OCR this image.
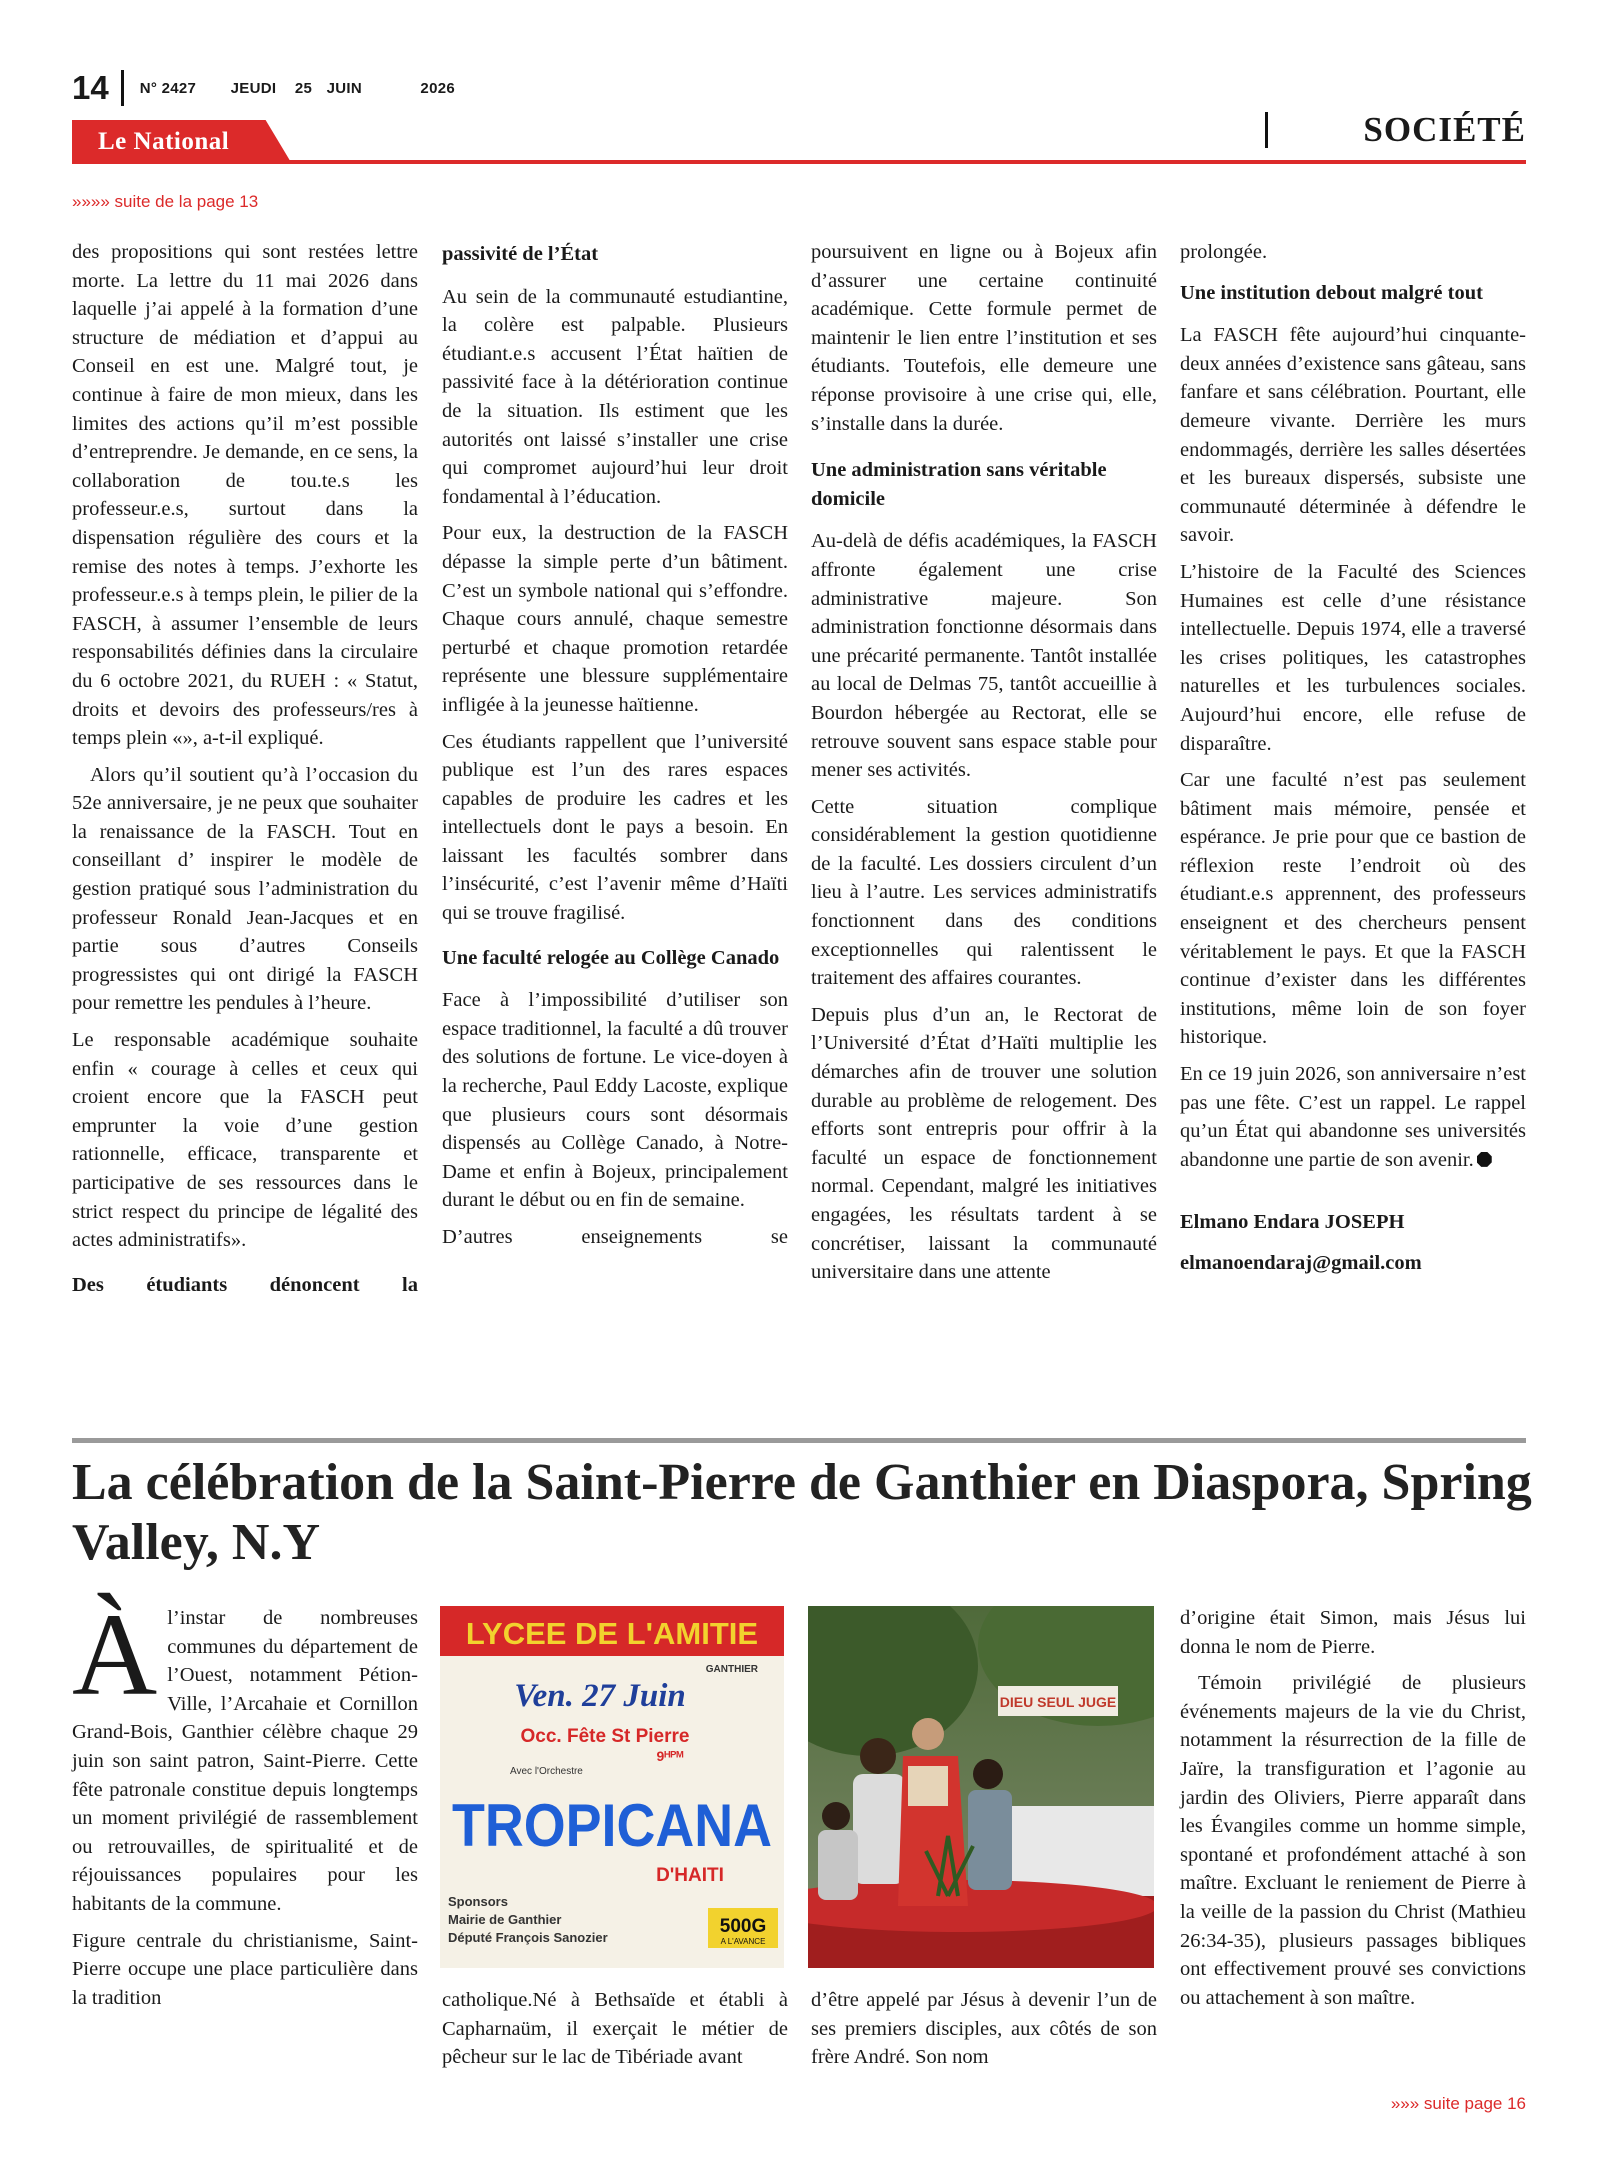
14 N° 2427 JEUDI 25 JUIN	2026
Le National	SOCIÉTÉ
»»»» suite de la page 13

des propositions qui sont restées lettre morte. La lettre du 11 mai 2026 dans laquelle j’ai appelé à la formation d’une structure de médiation et d’appui au Conseil en est une. Malgré tout, je continue à faire de mon mieux, dans les limites des actions qu’il m’est possible d’entreprendre. Je demande, en ce sens, la collaboration de tou.te.s les professeur.e.s, surtout dans la dispensation régulière des cours et la remise des notes à temps. J’exhorte les professeur.e.s à temps plein, le pilier de la FASCH, à assumer l’ensemble de leurs responsabilités définies dans la circulaire du 6 octobre 2021, du RUEH : « Statut, droits et devoirs des professeurs/res à temps plein «», a-t-il expliqué.

Alors qu’il soutient qu’à l’occasion du 52e anniversaire, je ne peux que souhaiter la renaissance de la FASCH. Tout en conseillant d’ inspirer le modèle de gestion pratiqué sous l’administration du professeur Ronald Jean-Jacques et en partie sous d’autres Conseils progressistes qui ont dirigé la FASCH pour remettre les pendules à l’heure.

Le responsable académique souhaite enfin « courage à celles et ceux qui croient encore que la FASCH peut emprunter la voie d’une gestion rationnelle, efficace, transparente et participative de ses ressources dans le strict respect du principe de légalité des actes administratifs».

Des étudiants dénoncent la
passivité de l’État

Au sein de la communauté estudiantine, la colère est palpable. Plusieurs étudiant.e.s accusent l’État haïtien de passivité face à la détérioration continue de la situation. Ils estiment que les autorités ont laissé s’installer une crise qui compromet aujourd’hui leur droit fondamental à l’éducation.

Pour eux, la destruction de la FASCH dépasse la simple perte d’un bâtiment. C’est un symbole national qui s’effondre. Chaque cours annulé, chaque semestre perturbé et chaque promotion retardée représente une blessure supplémentaire infligée à la jeunesse haïtienne.

Ces étudiants rappellent que l’université publique est l’un des rares espaces capables de produire les cadres et les intellectuels dont le pays a besoin. En laissant les facultés sombrer dans l’insécurité, c’est l’avenir même d’Haïti qui se trouve fragilisé.

Une faculté relogée au Collège Canado

Face à l’impossibilité d’utiliser son espace traditionnel, la faculté a dû trouver des solutions de fortune. Le vice-doyen à la recherche, Paul Eddy Lacoste, explique que plusieurs cours sont désormais dispensés au Collège Canado, à Notre-Dame et enfin à Bojeux, principalement durant le début ou en fin de semaine.

D’autres enseignements se

poursuivent en ligne ou à Bojeux afin d’assurer une certaine continuité académique. Cette formule permet de maintenir le lien entre l’institution et ses étudiants. Toutefois, elle demeure une réponse provisoire à une crise qui, elle, s’installe dans la durée.

Une administration sans véritable domicile

Au-delà de défis académiques, la FASCH affronte également une crise administrative majeure. Son administration fonctionne désormais dans une précarité permanente. Tantôt installée au local de Delmas 75, tantôt accueillie à Bourdon hébergée au Rectorat, elle se retrouve souvent sans espace stable pour mener ses activités.

Cette situation complique considérablement la gestion quotidienne de la faculté. Les dossiers circulent d’un lieu à l’autre. Les services administratifs fonctionnent dans des conditions exceptionnelles qui ralentissent le traitement des affaires courantes.

Depuis plus d’un an, le Rectorat de l’Université d’État d’Haïti multiplie les démarches afin de trouver une solution durable au problème de relogement. Des efforts sont entrepris pour offrir à la faculté un espace de fonctionnement normal. Cependant, malgré les initiatives engagées, les résultats tardent à se concrétiser, laissant la communauté universitaire dans une attente

prolongée.

Une institution debout malgré tout

La FASCH fête aujourd’hui cinquante-deux années d’existence sans gâteau, sans fanfare et sans célébration. Pourtant, elle demeure vivante. Derrière les murs endommagés, derrière les salles désertées et les bureaux dispersés, subsiste une communauté déterminée à défendre le savoir.

L’histoire de la Faculté des Sciences Humaines est celle d’une résistance intellectuelle. Depuis 1974, elle a traversé les crises politiques, les catastrophes naturelles et les turbulences sociales. Aujourd’hui encore, elle refuse de disparaître.

Car une faculté n’est pas seulement bâtiment mais mémoire, pensée et espérance. Je prie pour que ce bastion de réflexion reste l’endroit où des étudiant.e.s apprennent, des professeurs enseignent et des chercheurs pensent véritablement le pays. Et que la FASCH continue d’exister dans les différentes institutions, même loin de son foyer historique.

En ce 19 juin 2026, son anniversaire n’est pas une fête. C’est un rappel. Le rappel qu’un État qui abandonne ses universités abandonne une partie de son avenir.

Elmano Endara JOSEPH

elmanoendaraj@gmail.com

La célébration de la Saint-Pierre de Ganthier en Diaspora, Spring Valley, N.Y

Àl’instar de nombreuses communes du département de l’Ouest, notamment Pétion-Ville, l’Arcahaie et Cornillon Grand-Bois, Ganthier célèbre chaque 29 juin son saint patron, Saint-Pierre. Cette fête patronale constitue depuis longtemps un moment privilégié de rassemblement ou retrouvailles, de spiritualité et de réjouissances populaires pour les habitants de la commune.

Figure centrale du christianisme, Saint-Pierre occupe une place particulière dans la tradition

LYCEE DE L'AMITIE
GANTHIER
Ven. 27 Juin
Occ. Fête St Pierre
9ᴴᴾᴹ
Avec l'Orchestre
TROPICANA
D'HAITI
Sponsors
Mairie de Ganthier
Député François Sanozier
500G
A L'AVANCE
DIEU SEUL JUGE

catholique.Né à Bethsaïde et établi à Capharnaüm, il exerçait le métier de pêcheur sur le lac de Tibériade avant

d’être appelé par Jésus à devenir l’un de ses premiers disciples, aux côtés de son frère André. Son nom

d’origine était Simon, mais Jésus lui donna le nom de Pierre.

Témoin privilégié de plusieurs événements majeurs de la vie du Christ, notamment la résurrection de la fille de Jaïre, la transfiguration et l’agonie au jardin des Oliviers, Pierre apparaît dans les Évangiles comme un homme simple, spontané et profondément attaché à son maître. Excluant le reniement de Pierre à la veille de la passion du Christ (Mathieu 26:34-35), plusieurs passages bibliques ont effectivement prouvé ses convictions ou attachement à son maître.

»»» suite page 16
